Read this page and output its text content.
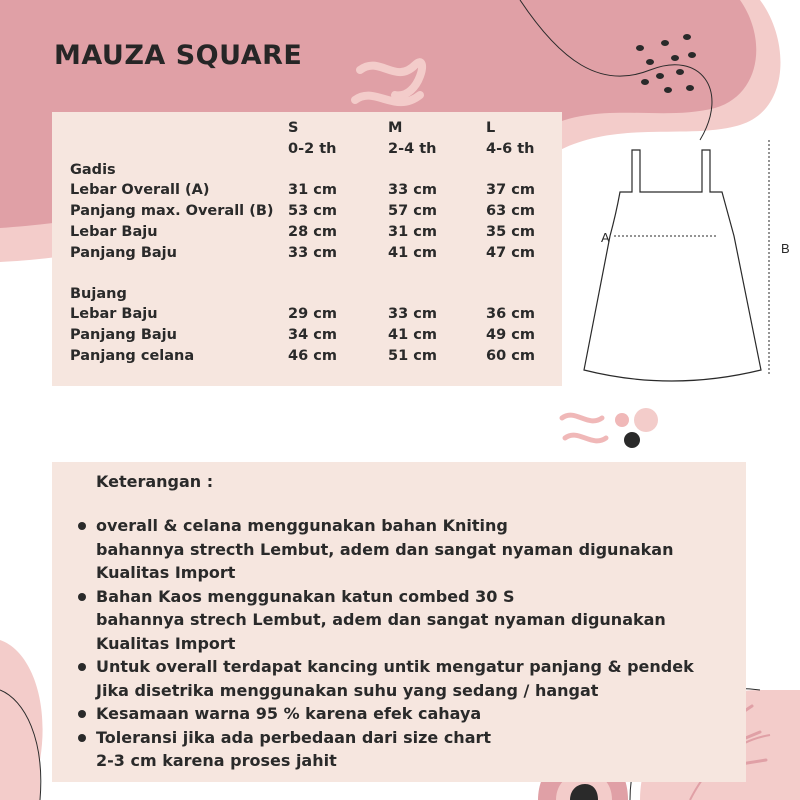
MAUZA SQUARE
	S	M	L
	0-2 th	2-4 th	4-6 th
Gadis			
Lebar Overall (A)	31 cm	33 cm	37 cm
Panjang max. Overall (B)	53 cm	57 cm	63 cm
Lebar Baju	28 cm	31 cm	35 cm
Panjang Baju	33 cm	41 cm	47 cm

Bujang			
Lebar Baju	29 cm	33 cm	36 cm
Panjang Baju	34 cm	41 cm	49 cm
Panjang celana	46 cm	51 cm	60 cm
A
B
Keterangan :
overall & celana menggunakan bahan Kniting
bahannya strecth Lembut, adem dan sangat nyaman digunakan
Kualitas Import
Bahan Kaos menggunakan katun combed 30 S
bahannya strech Lembut, adem dan sangat nyaman digunakan
Kualitas Import
Untuk overall terdapat kancing untik mengatur panjang & pendek
Jika disetrika menggunakan suhu yang sedang / hangat
Kesamaan warna 95 % karena efek cahaya
Toleransi jika ada perbedaan dari size chart
2-3 cm karena proses jahit
